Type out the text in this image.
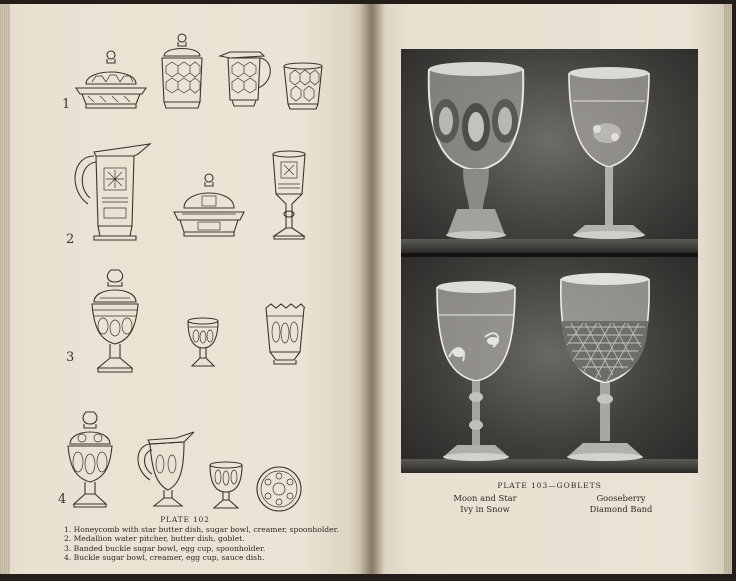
1
2
3
4
PLATE 102
1. Honeycomb with star butter dish, sugar bowl, creamer, spoonholder.
2. Medallion water pitcher, butter dish, goblet.
3. Banded buckle sugar bowl, egg cup, spoonholder.
4. Buckle sugar bowl, creamer, egg cup, sauce dish.
PLATE 103—GOBLETS
Moon and Star
Ivy in Snow
Gooseberry
Diamond Band
